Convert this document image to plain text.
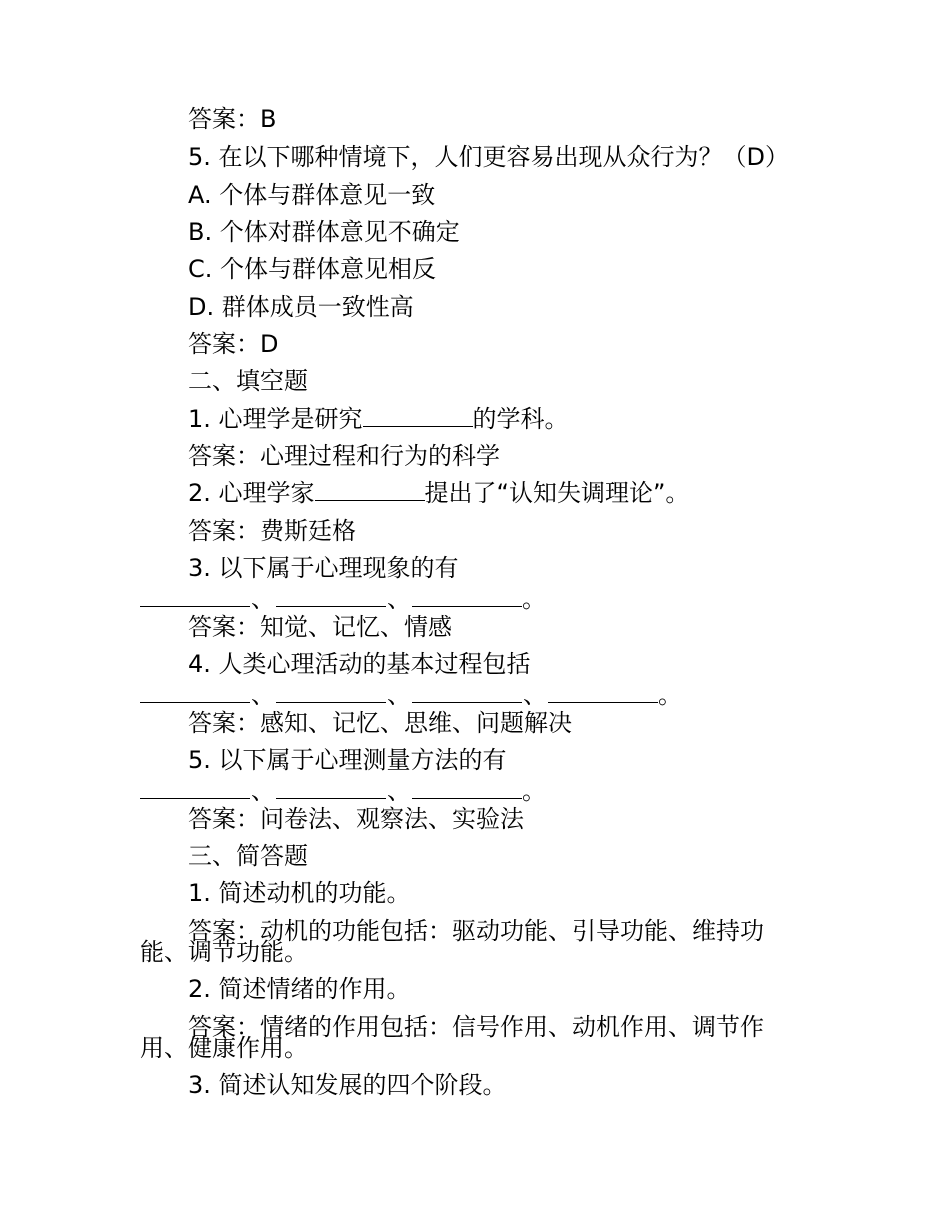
答案：B
5. 在以下哪种情境下，人们更容易出现从众行为？（D）
A. 个体与群体意见一致
B. 个体对群体意见不确定
C. 个体与群体意见相反
D. 群体成员一致性高
答案：D
二、填空题
1. 心理学是研究	的学科。
答案：心理过程和行为的科学
2. 心理学家	提出了“认知失调理论”。
答案：费斯廷格
3. 以下属于心理现象的有
、	、	。
答案：知觉、记忆、情感
4. 人类心理活动的基本过程包括
、	、	、	。
答案：感知、记忆、思维、问题解决
5. 以下属于心理测量方法的有
、	、	。
答案：问卷法、观察法、实验法
三、简答题
1. 简述动机的功能。
答案：动机的功能包括：驱动功能、引导功能、维持功
能、调节功能。
2. 简述情绪的作用。
答案：情绪的作用包括：信号作用、动机作用、调节作
用、健康作用。
3. 简述认知发展的四个阶段。
